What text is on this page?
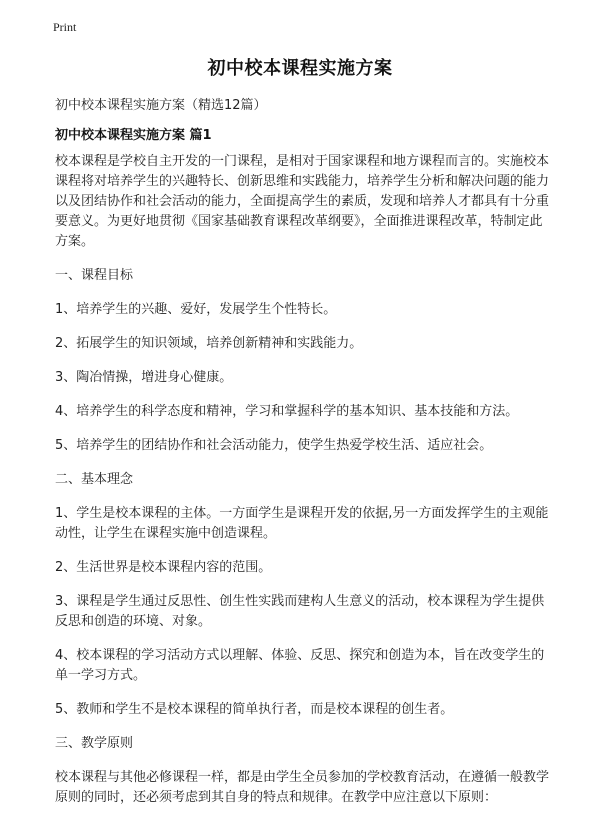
Print
初中校本课程实施方案
初中校本课程实施方案（精选12篇）
初中校本课程实施方案 篇1

校本课程是学校自主开发的一门课程，是相对于国家课程和地方课程而言的。实施校本课程将对培养学生的兴趣特长、创新思维和实践能力，培养学生分析和解决问题的能力以及团结协作和社会活动的能力，全面提高学生的素质，发现和培养人才都具有十分重要意义。为更好地贯彻《国家基础教育课程改革纲要》，全面推进课程改革，特制定此方案。

一、课程目标

1、培养学生的兴趣、爱好，发展学生个性特长。

2、拓展学生的知识领域，培养创新精神和实践能力。

3、陶冶情操，增进身心健康。

4、培养学生的科学态度和精神，学习和掌握科学的基本知识、基本技能和方法。

5、培养学生的团结协作和社会活动能力，使学生热爱学校生活、适应社会。

二、基本理念

1、学生是校本课程的主体。一方面学生是课程开发的依据,另一方面发挥学生的主观能动性，让学生在课程实施中创造课程。

2、生活世界是校本课程内容的范围。

3、课程是学生通过反思性、创生性实践而建构人生意义的活动，校本课程为学生提供反思和创造的环境、对象。

4、校本课程的学习活动方式以理解、体验、反思、探究和创造为本，旨在改变学生的单一学习方式。

5、教师和学生不是校本课程的简单执行者，而是校本课程的创生者。

三、教学原则

校本课程与其他必修课程一样，都是由学生全员参加的学校教育活动，在遵循一般教学原则的同时，还必须考虑到其自身的特点和规律。在教学中应注意以下原则：
